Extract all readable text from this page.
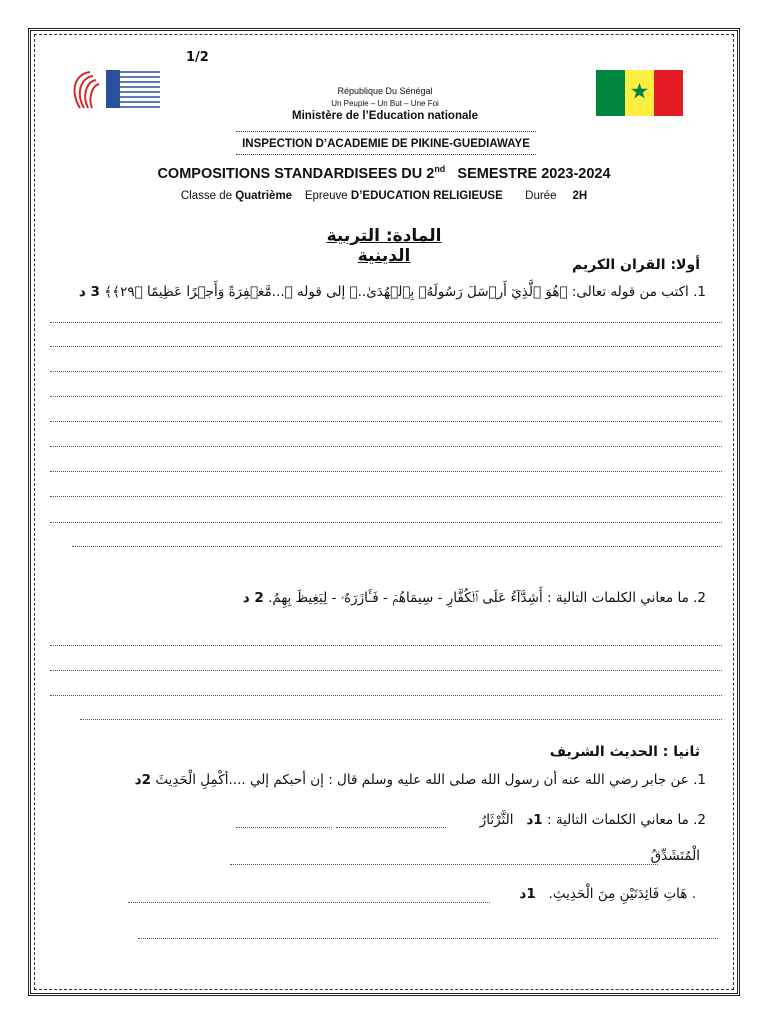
1/2
★
République Du Sénégal
Un Peuple – Un But – Une Foi
Ministère de l’Education nationale
INSPECTION D’ACADEMIE DE PIKINE-GUEDIAWAYE
COMPOSITIONS STANDARDISEES DU 2nd SEMESTRE 2023-2024
Classe de Quatrième Epreuve D’EDUCATION RELIGIEUSE Durée 2H
المادة: التربية الدينية	أولا: القران الكريم
1. اكتب من قوله تعالى: ﴿هُوَ ٱلَّذِيٓ أَرۡسَلَ رَسُولَهُۥ بِٱلۡهُدَىٰ..﴾ إلى قوله ﴿...مَّغۡفِرَةً وَأَجۡرًا عَظِيمًا ﴿٢٩﴾﴾ 3 د
2. ما معاني الكلمات التالية : أَشِدَّآءُ عَلَى ٱلۡكُفَّارِ - سِيمَاهُمۡ - فَـَٔازَرَهُۥ - لِيَغِيظَ بِهِمُ. 2 د
ثانيا : الحديث الشريف
1. عن جابر رضي الله عنه أن رسول الله صلى الله عليه وسلم قال : إن أحبكم إلي ....أكْمِلِ الْحَدِيثَ 2د
2. ما معاني الكلمات التالية : 1د   الثَّرْثَارُ
الْمُتَشَدِّقُ
. هَاتِ فَائِدَتَيْنِ مِنَ الْحَدِيثِ.   1د
